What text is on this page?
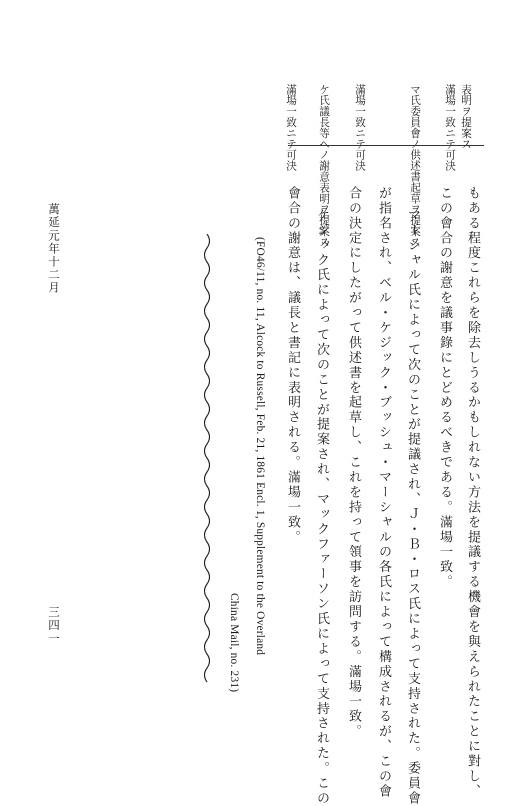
表明ヲ提案ス
滿場一致ニテ可決
マ氏委員會ノ供述書起草ヲ提案ス
滿場一致ニテ可決
ケ氏議長等ヘノ謝意表明ヲ提案ス
滿場一致ニテ可決
もある程度これらを除去しうるかもしれない方法を提議する機會を與えられたことに對し、
この會合の謝意を議事錄にとどめるべきである。滿場一致。
マーシャル氏によって次のことが提議され、Ｊ・Ｂ・ロス氏によって支持された。委員會
が指名され、ベル・ケジック・ブッシュ・マーシャルの各氏によって構成されるが、この會
合の決定にしたがって供述書を起草し、これを持って領事を訪問する。滿場一致。
ケジック氏によって次のことが提案され、マックファーソン氏によって支持された。この
會合の謝意は、議長と書記に表明される。滿場一致。
(FO46/11, no. 11, Alcock to Russell, Feb. 21, 1861 Encl. 1, Supplement to the Overland
China Mail, no. 231)
萬延元年十二月
三四一
